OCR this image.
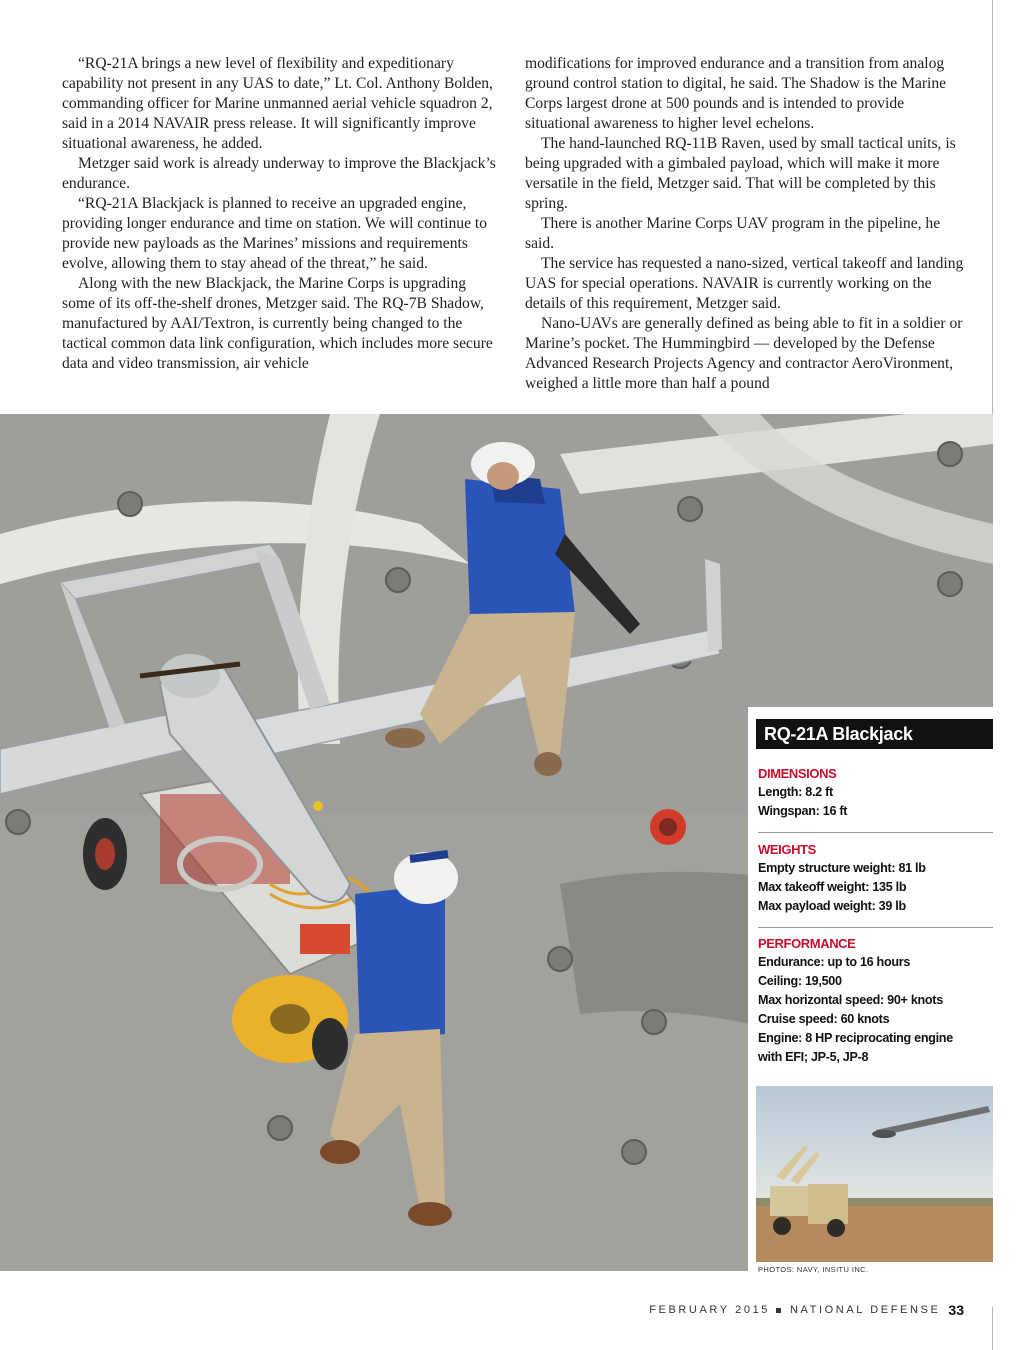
“RQ-21A brings a new level of flexibility and expeditionary capability not present in any UAS to date,” Lt. Col. Anthony Bolden, commanding officer for Marine unmanned aerial vehicle squadron 2, said in a 2014 NAVAIR press release. It will significantly improve situational awareness, he added.

Metzger said work is already underway to improve the Blackjack’s endurance.

“RQ-21A Blackjack is planned to receive an upgraded engine, providing longer endurance and time on station. We will continue to provide new payloads as the Marines’ missions and requirements evolve, allowing them to stay ahead of the threat,” he said.

Along with the new Blackjack, the Marine Corps is upgrading some of its off-the-shelf drones, Metzger said. The RQ-7B Shadow, manufactured by AAI/Textron, is currently being changed to the tactical common data link configuration, which includes more secure data and video transmission, air vehicle

modifications for improved endurance and a transition from analog ground control station to digital, he said. The Shadow is the Marine Corps largest drone at 500 pounds and is intended to provide situational awareness to higher level echelons.

The hand-launched RQ-11B Raven, used by small tactical units, is being upgraded with a gimbaled payload, which will make it more versatile in the field, Metzger said. That will be completed by this spring.

There is another Marine Corps UAV program in the pipeline, he said.

The service has requested a nano-sized, vertical takeoff and landing UAS for special operations. NAVAIR is currently working on the details of this requirement, Metzger said.

Nano-UAVs are generally defined as being able to fit in a soldier or Marine’s pocket. The Hummingbird — developed by the Defense Advanced Research Projects Agency and contractor AeroVironment, weighed a little more than half a pound

RQ-21A Blackjack
DIMENSIONS
Length: 8.2 ft
Wingspan: 16 ft
WEIGHTS
Empty structure weight: 81 lb
Max takeoff weight: 135 lb
Max payload weight: 39 lb
PERFORMANCE
Endurance: up to 16 hours
Ceiling: 19,500
Max horizontal speed: 90+ knots
Cruise speed: 60 knots
Engine: 8 HP reciprocating engine
with EFI; JP-5, JP-8
PHOTOS: NAVY, INSITU INC.
FEBRUARY 2015 NATIONAL DEFENSE 33
